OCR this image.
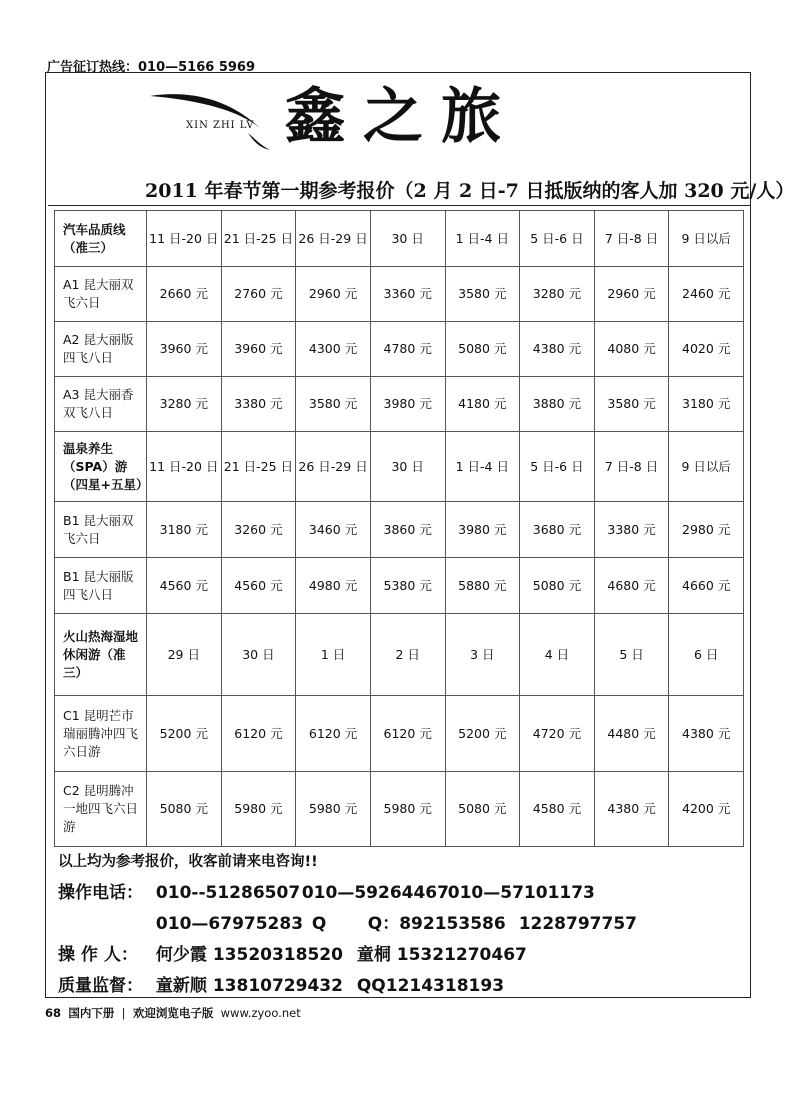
广告征订热线：010—5166 5969
XIN ZHI LV 鑫之旅
2011 年春节第一期参考报价（2 月 2 日-7 日抵版纳的客人加 320 元/人）
汽车品质线（准三）	11 日-20 日	21 日-25 日	26 日-29 日	30 日	1 日-4 日	5 日-6 日	7 日-8 日	9 日以后
A1 昆大丽双飞六日	2660 元	2760 元	2960 元	3360 元	3580 元	3280 元	2960 元	2460 元
A2 昆大丽版四飞八日	3960 元	3960 元	4300 元	4780 元	5080 元	4380 元	4080 元	4020 元
A3 昆大丽香双飞八日	3280 元	3380 元	3580 元	3980 元	4180 元	3880 元	3580 元	3180 元
温泉养生（SPA）游（四星+五星）	11 日-20 日	21 日-25 日	26 日-29 日	30 日	1 日-4 日	5 日-6 日	7 日-8 日	9 日以后
B1 昆大丽双飞六日	3180 元	3260 元	3460 元	3860 元	3980 元	3680 元	3380 元	2980 元
B1 昆大丽版四飞八日	4560 元	4560 元	4980 元	5380 元	5880 元	5080 元	4680 元	4660 元
火山热海湿地休闲游（准三）	29 日	30 日	1 日	2 日	3 日	4 日	5 日	6 日
C1 昆明芒市瑞丽腾冲四飞六日游	5200 元	6120 元	6120 元	6120 元	5200 元	4720 元	4480 元	4380 元
C2 昆明腾冲一地四飞六日游	5080 元	5980 元	5980 元	5980 元	5080 元	4580 元	4380 元	4200 元
以上均为参考报价，收客前请来电咨询!!
操作电话： 010--51286507 010—59264467 010—57101173
010—67975283 Q Q：892153586 1228797757
操 作 人： 何少霞 13520318520 童桐 15321270467
质量监督： 童新顺 13810729432 QQ1214318193
68 国内下册  |  欢迎浏览电子版 www.zyoo.net
